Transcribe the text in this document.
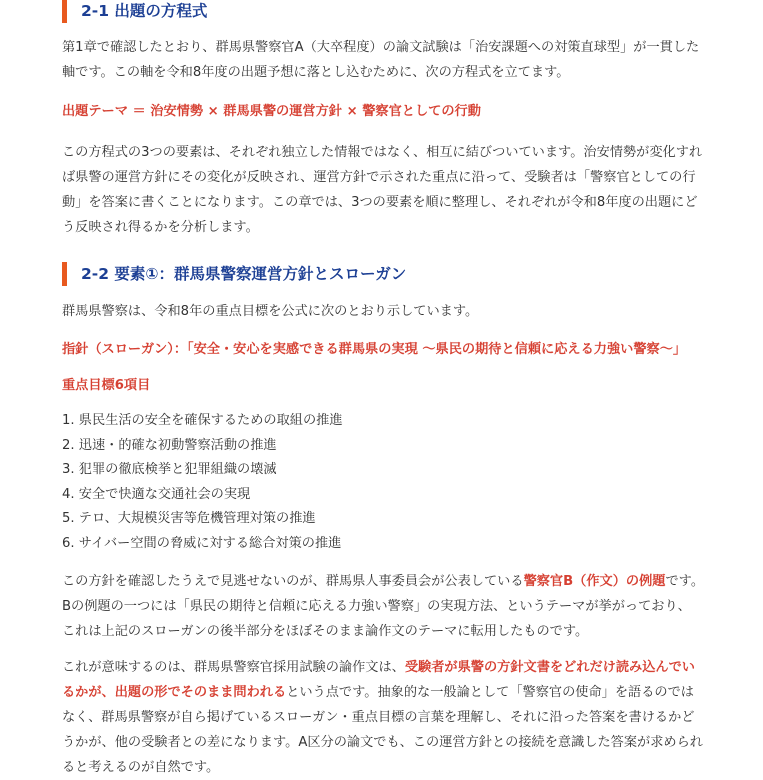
2-1 出題の方程式

第1章で確認したとおり、群馬県警察官A（大卒程度）の論文試験は「治安課題への対策直球型」が一貫した軸です。この軸を令和8年度の出題予想に落とし込むために、次の方程式を立てます。

出題テーマ ＝ 治安情勢 × 群馬県警の運営方針 × 警察官としての行動

この方程式の3つの要素は、それぞれ独立した情報ではなく、相互に結びついています。治安情勢が変化すれば県警の運営方針にその変化が反映され、運営方針で示された重点に沿って、受験者は「警察官としての行動」を答案に書くことになります。この章では、3つの要素を順に整理し、それぞれが令和8年度の出題にどう反映され得るかを分析します。

2-2 要素①：群馬県警察運営方針とスローガン

群馬県警察は、令和8年の重点目標を公式に次のとおり示しています。

指針（スローガン）：「安全・安心を実感できる群馬県の実現 ～県民の期待と信頼に応える力強い警察～」
重点目標6項目
1. 県民生活の安全を確保するための取組の推進
2. 迅速・的確な初動警察活動の推進
3. 犯罪の徹底検挙と犯罪組織の壊滅
4. 安全で快適な交通社会の実現
5. テロ、大規模災害等危機管理対策の推進
6. サイバー空間の脅威に対する総合対策の推進

この方針を確認したうえで見逃せないのが、群馬県人事委員会が公表している警察官B（作文）の例題です。Bの例題の一つには「県民の期待と信頼に応える力強い警察」の実現方法、というテーマが挙がっており、これは上記のスローガンの後半部分をほぼそのまま論作文のテーマに転用したものです。

これが意味するのは、群馬県警察官採用試験の論作文は、受験者が県警の方針文書をどれだけ読み込んでいるかが、出題の形でそのまま問われるという点です。抽象的な一般論として「警察官の使命」を語るのではなく、群馬県警察が自ら掲げているスローガン・重点目標の言葉を理解し、それに沿った答案を書けるかどうかが、他の受験者との差になります。A区分の論文でも、この運営方針との接続を意識した答案が求められると考えるのが自然です。
